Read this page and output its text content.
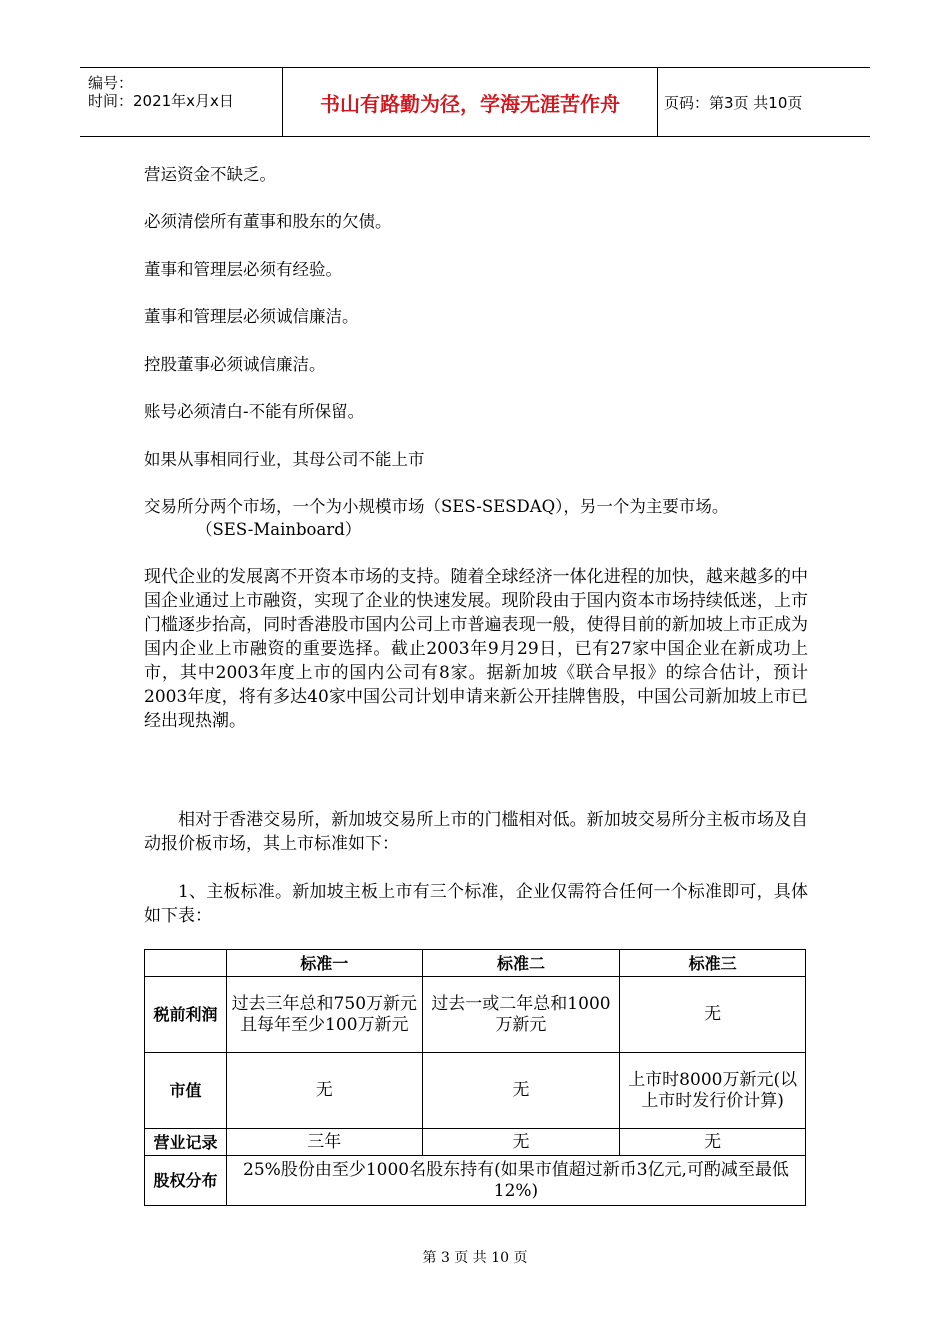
编号：
时间：2021年x月x日	书山有路勤为径，学海无涯苦作舟	页码：第3页 共10页
营运资金不缺乏。
必须清偿所有董事和股东的欠债。
董事和管理层必须有经验。
董事和管理层必须诚信廉洁。
控股董事必须诚信廉洁。
账号必须清白-不能有所保留。
如果从事相同行业，其母公司不能上市
交易所分两个市场，一个为小规模市场（SES-SESDAQ），另一个为主要市场。
（SES-Mainboard）
现代企业的发展离不开资本市场的支持。随着全球经济一体化进程的加快，越来越多的中国企业通过上市融资，实现了企业的快速发展。现阶段由于国内资本市场持续低迷，上市门槛逐步抬高，同时香港股市国内公司上市普遍表现一般，使得目前的新加坡上市正成为国内企业上市融资的重要选择。截止2003年9月29日，已有27家中国企业在新成功上市，其中2003年度上市的国内公司有8家。据新加坡《联合早报》的综合估计，预计2003年度，将有多达40家中国公司计划申请来新公开挂牌售股，中国公司新加坡上市已经出现热潮。
相对于香港交易所，新加坡交易所上市的门槛相对低。新加坡交易所分主板市场及自动报价板市场，其上市标准如下：
1、主板标准。新加坡主板上市有三个标准，企业仅需符合任何一个标准即可，具体如下表：
	标准一	标准二	标准三
税前利润	过去三年总和750万新元且每年至少100万新元	过去一或二年总和1000万新元	无
市值	无	无	上市时8000万新元(以上市时发行价计算)
营业记录	三年	无	无
股权分布	25%股份由至少1000名股东持有(如果市值超过新币3亿元,可酌减至最低12%)		
第 3 页 共 10 页
